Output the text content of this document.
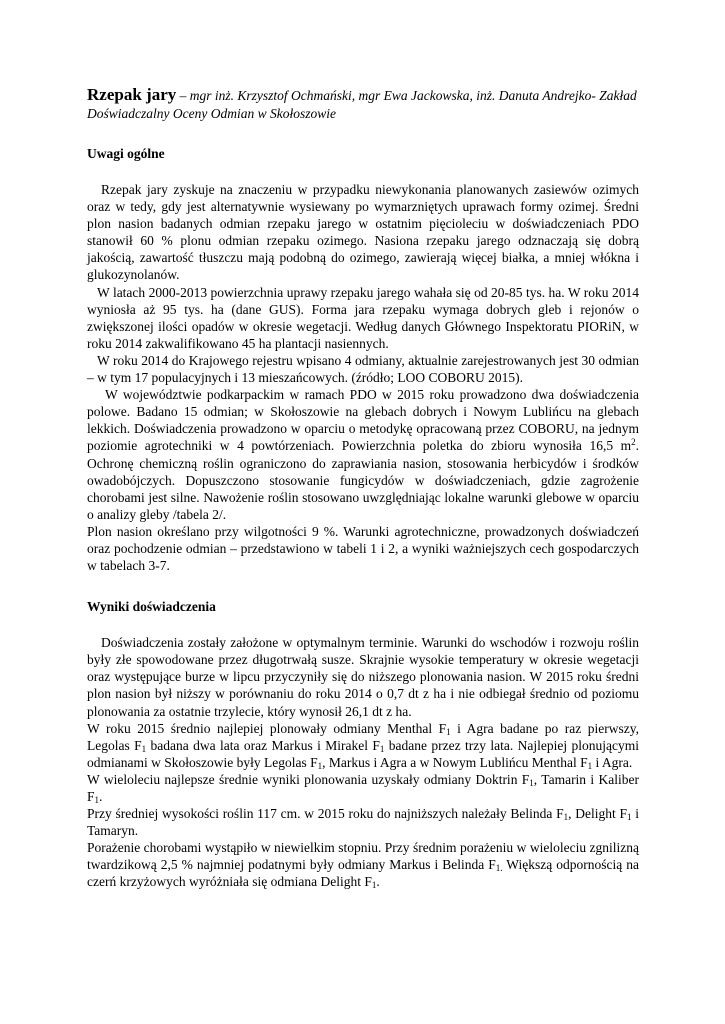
Rzepak jary – mgr inż. Krzysztof Ochmański, mgr Ewa Jackowska, inż. Danuta Andrejko- Zakład Doświadczalny Oceny Odmian w Skołoszowie
Uwagi ogólne

Rzepak jary zyskuje na znaczeniu w przypadku niewykonania planowanych zasiewów ozimych oraz w tedy, gdy jest alternatywnie wysiewany po wymarzniętych uprawach formy ozimej. Średni plon nasion badanych odmian rzepaku jarego w ostatnim pięcioleciu w doświadczeniach PDO stanowił 60 % plonu odmian rzepaku ozimego. Nasiona rzepaku jarego odznaczają się dobrą jakością, zawartość tłuszczu mają podobną do ozimego, zawierają więcej białka, a mniej włókna i glukozynolanów.

W latach 2000-2013 powierzchnia uprawy rzepaku jarego wahała się od 20-85 tys. ha. W roku 2014 wyniosła aż 95 tys. ha (dane GUS). Forma jara rzepaku wymaga dobrych gleb i rejonów o zwiększonej ilości opadów w okresie wegetacji. Według danych Głównego Inspektoratu PIORiN, w roku 2014 zakwalifikowano 45 ha plantacji nasiennych.

W roku 2014 do Krajowego rejestru wpisano 4 odmiany, aktualnie zarejestrowanych jest 30 odmian – w tym 17 populacyjnych i 13 mieszańcowych. (źródło; LOO COBORU 2015).

W województwie podkarpackim w ramach PDO w 2015 roku prowadzono dwa doświadczenia polowe. Badano 15 odmian; w Skołoszowie na glebach dobrych i Nowym Lublińcu na glebach lekkich. Doświadczenia prowadzono w oparciu o metodykę opracowaną przez COBORU, na jednym poziomie agrotechniki w 4 powtórzeniach. Powierzchnia poletka do zbioru wynosiła 16,5 $m^2$. Ochronę chemiczną roślin ograniczono do zaprawiania nasion, stosowania herbicydów i środków owadobójczych. Dopuszczono stosowanie fungicydów w doświadczeniach, gdzie zagrożenie chorobami jest silne. Nawożenie roślin stosowano uwzględniając lokalne warunki glebowe w oparciu o analizy gleby /tabela 2/.

Plon nasion określano przy wilgotności 9 %. Warunki agrotechniczne, prowadzonych doświadczeń oraz pochodzenie odmian – przedstawiono w tabeli 1 i 2, a wyniki ważniejszych cech gospodarczych w tabelach 3-7.

Wyniki doświadczenia

Doświadczenia zostały założone w optymalnym terminie. Warunki do wschodów i rozwoju roślin były złe spowodowane przez długotrwałą susze. Skrajnie wysokie temperatury w okresie wegetacji oraz występujące burze w lipcu przyczyniły się do niższego plonowania nasion. W 2015 roku średni plon nasion był niższy w porównaniu do roku 2014 o 0,7 dt z ha i nie odbiegał średnio od poziomu plonowania za ostatnie trzylecie, który wynosił 26,1 dt z ha.

W roku 2015 średnio najlepiej plonowały odmiany Menthal $F_1$ i Agra badane po raz pierwszy, Legolas $F_1$ badana dwa lata oraz Markus i Mirakel $F_1$ badane przez trzy lata. Najlepiej plonującymi odmianami w Skołoszowie były Legolas $F_1$, Markus i Agra a w Nowym Lublińcu Menthal $F_1$ i Agra.

W wieloleciu najlepsze średnie wyniki plonowania uzyskały odmiany Doktrin $F_1$, Tamarin i Kaliber $F_1$.

Przy średniej wysokości roślin 117 cm. w 2015 roku do najniższych należały Belinda $F_1$, Delight $F_1$ i Tamaryn.

Porażenie chorobami wystąpiło w niewielkim stopniu. Przy średnim porażeniu w wieloleciu zgnilizną twardzikową 2,5 % najmniej podatnymi były odmiany Markus i Belinda $F_{1.}$ Większą odpornością na czerń krzyżowych wyróżniała się odmiana Delight $F_1$.
